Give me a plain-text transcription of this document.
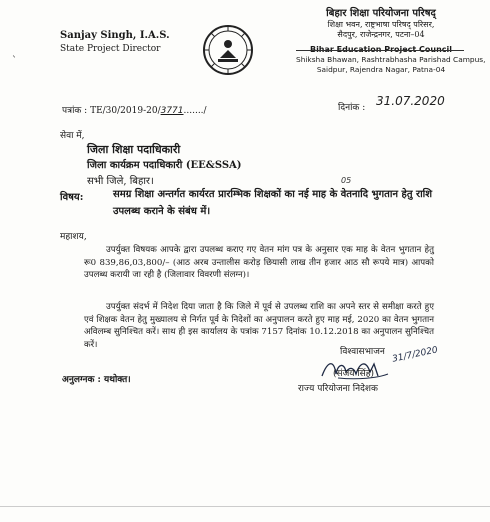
Sanjay Singh, I.A.S.
State Project Director
`
बिहार शिक्षा परियोजना परिषद्
शिक्षा भवन, राष्ट्रभाषा परिषद् परिसर,
सैदपुर, राजेन्द्रनगर, पटना–04
Shiksha Bhawan, Rashtrabhasha Parishad Campus,
Saidpur, Rajendra Nagar, Patna-04
पत्रांक : TE/30/2019-20/3771......./	दिनांक : 31.07.2020
सेवा में,
जिला शिक्षा पदाधिकारी
जिला कार्यक्रम पदाधिकारी (EE&SSA)
सभी जिले, बिहार।
विषय:	समग्र शिक्षा अन्तर्गत कार्यरत प्रारम्भिक शिक्षकों का नई माह के वेतनादि भुगतान हेतु राशि उपलब्ध कराने के संबंध में।
05
महाशय,
उपर्युक्त विषयक आपके द्वारा उपलब्ध कराए गए वेतन मांग पत्र के अनुसार एक माह के वेतन भुगतान हेतु रू0 839,86,03,800/– (आठ अरब उन्तालीस करोड़ छियासी लाख तीन हजार आठ सौ रूपये मात्र) आपको उपलब्ध करायी जा रही है (जिलावार विवरणी संलग्न)।
उपर्युक्त संदर्भ में निदेश दिया जाता है कि जिले में पूर्व से उपलब्ध राशि का अपने स्तर से समीक्षा करते हुए एवं शिक्षक वेतन हेतु मुख्यालय से निर्गत पूर्व के निदेशों का अनुपालन करते हुए माह मई, 2020 का वेतन भुगतान अविलम्ब सुनिश्चित करें। साथ ही इस कार्यालय के पत्रांक 7157 दिनांक 10.12.2018 का अनुपालन सुनिश्चित करें।
अनुलग्नक : यथोक्त।
विश्वासभाजन 31/7/2020
(संजय सिंह)
राज्य परियोजना निदेशक
